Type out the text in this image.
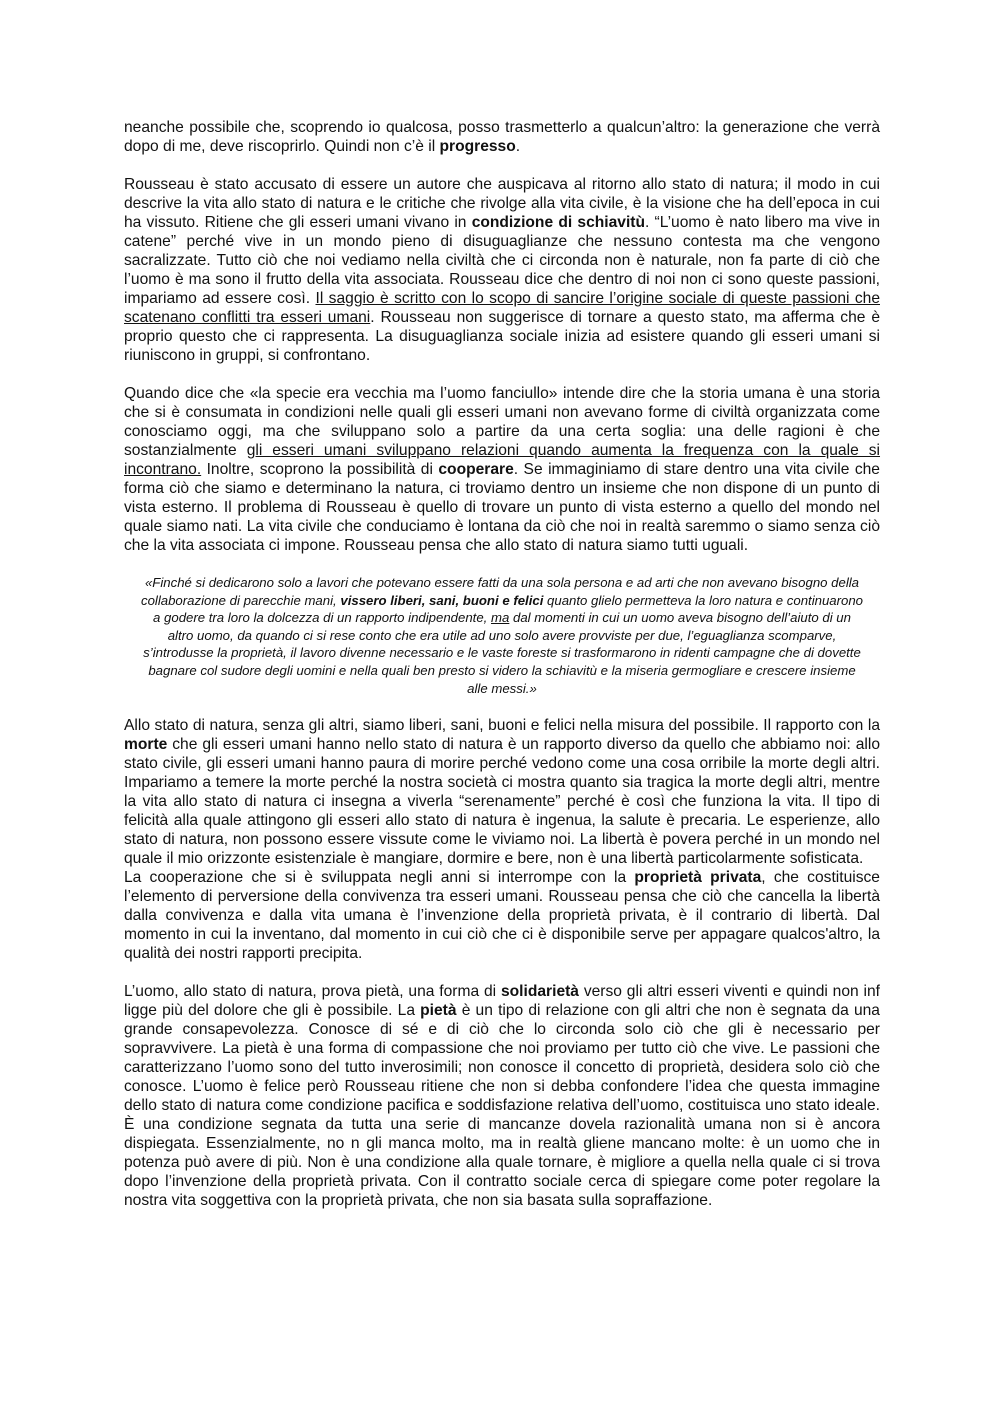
neanche possibile che, scoprendo io qualcosa, posso trasmetterlo a qualcun’altro: la generazione che verrà dopo di me, deve riscoprirlo. Quindi non c’è il progresso.

Rousseau è stato accusato di essere un autore che auspicava al ritorno allo stato di natura; il modo in cui descrive la vita allo stato di natura e le critiche che rivolge alla vita civile, è la visione che ha dell’epoca in cui ha vissuto. Ritiene che gli esseri umani vivano in condizione di schiavitù. “L’uomo è nato libero ma vive in catene” perché vive in un mondo pieno di disuguaglianze che nessuno contesta ma che vengono sacralizzate. Tutto ciò che noi vediamo nella civiltà che ci circonda non è naturale, non fa parte di ciò che l’uomo è ma sono il frutto della vita associata. Rousseau dice che dentro di noi non ci sono queste passioni, impariamo ad essere così. Il saggio è scritto con lo scopo di sancire l’origine sociale di queste passioni che scatenano conflitti tra esseri umani. Rousseau non suggerisce di tornare a questo stato, ma afferma che è proprio questo che ci rappresenta. La disuguaglianza sociale inizia ad esistere quando gli esseri umani si riuniscono in gruppi, si confrontano.

Quando dice che «la specie era vecchia ma l’uomo fanciullo» intende dire che la storia umana è una storia che si è consumata in condizioni nelle quali gli esseri umani non avevano forme di civiltà organizzata come conosciamo oggi, ma che sviluppano solo a partire da una certa soglia: una delle ragioni è che sostanzialmente gli esseri umani sviluppano relazioni quando aumenta la frequenza con la quale si incontrano. Inoltre, scoprono la possibilità di cooperare. Se immaginiamo di stare dentro una vita civile che forma ciò che siamo e determinano la natura, ci troviamo dentro un insieme che non dispone di un punto di vista esterno. Il problema di Rousseau è quello di trovare un punto di vista esterno a quello del mondo nel quale siamo nati. La vita civile che conduciamo è lontana da ciò che noi in realtà saremmo o siamo senza ciò che la vita associata ci impone. Rousseau pensa che allo stato di natura siamo tutti uguali.

«Finché si dedicarono solo a lavori che potevano essere fatti da una sola persona e ad arti che non avevano bisogno della collaborazione di parecchie mani, vissero liberi, sani, buoni e felici quanto glielo permetteva la loro natura e continuarono a godere tra loro la dolcezza di un rapporto indipendente, ma dal momenti in cui un uomo aveva bisogno dell’aiuto di un altro uomo, da quando ci si rese conto che era utile ad uno solo avere provviste per due, l’eguaglianza scomparve, s’introdusse la proprietà, il lavoro divenne necessario e le vaste foreste si trasformarono in ridenti campagne che di dovette bagnare col sudore degli uomini e nella quali ben presto si videro la schiavitù e la miseria germogliare e crescere insieme alle messi.»

Allo stato di natura, senza gli altri, siamo liberi, sani, buoni e felici nella misura del possibile. Il rapporto con la morte che gli esseri umani hanno nello stato di natura è un rapporto diverso da quello che abbiamo noi: allo stato civile, gli esseri umani hanno paura di morire perché vedono come una cosa orribile la morte degli altri. Impariamo a temere la morte perché la nostra società ci mostra quanto sia tragica la morte degli altri, mentre la vita allo stato di natura ci insegna a viverla “serenamente” perché è così che funziona la vita. Il tipo di felicità alla quale attingono gli esseri allo stato di natura è ingenua, la salute è precaria. Le esperienze, allo stato di natura, non possono essere vissute come le viviamo noi. La libertà è povera perché in un mondo nel quale il mio orizzonte esistenziale è mangiare, dormire e bere, non è una libertà particolarmente sofisticata.

La cooperazione che si è sviluppata negli anni si interrompe con la proprietà privata, che costituisce l’elemento di perversione della convivenza tra esseri umani. Rousseau pensa che ciò che cancella la libertà dalla convivenza e dalla vita umana è l’invenzione della proprietà privata, è il contrario di libertà. Dal momento in cui la inventano, dal momento in cui ciò che ci è disponibile serve per appagare qualcos'altro, la qualità dei nostri rapporti precipita.

L’uomo, allo stato di natura, prova pietà, una forma di solidarietà verso gli altri esseri viventi e quindi non inf ligge più del dolore che gli è possibile. La pietà è un tipo di relazione con gli altri che non è segnata da una grande consapevolezza. Conosce di sé e di ciò che lo circonda solo ciò che gli è necessario per sopravvivere. La pietà è una forma di compassione che noi proviamo per tutto ciò che vive. Le passioni che caratterizzano l’uomo sono del tutto inverosimili; non conosce il concetto di proprietà, desidera solo ciò che conosce. L’uomo è felice però Rousseau ritiene che non si debba confondere l’idea che questa immagine dello stato di natura come condizione pacifica e soddisfazione relativa dell’uomo, costituisca uno stato ideale. È una condizione segnata da tutta una serie di mancanze dovela razionalità umana non si è ancora dispiegata. Essenzialmente, no n gli manca molto, ma in realtà gliene mancano molte: è un uomo che in potenza può avere di più. Non è una condizione alla quale tornare, è migliore a quella nella quale ci si trova dopo l’invenzione della proprietà privata. Con il contratto sociale cerca di spiegare come poter regolare la nostra vita soggettiva con la proprietà privata, che non sia basata sulla sopraffazione.
